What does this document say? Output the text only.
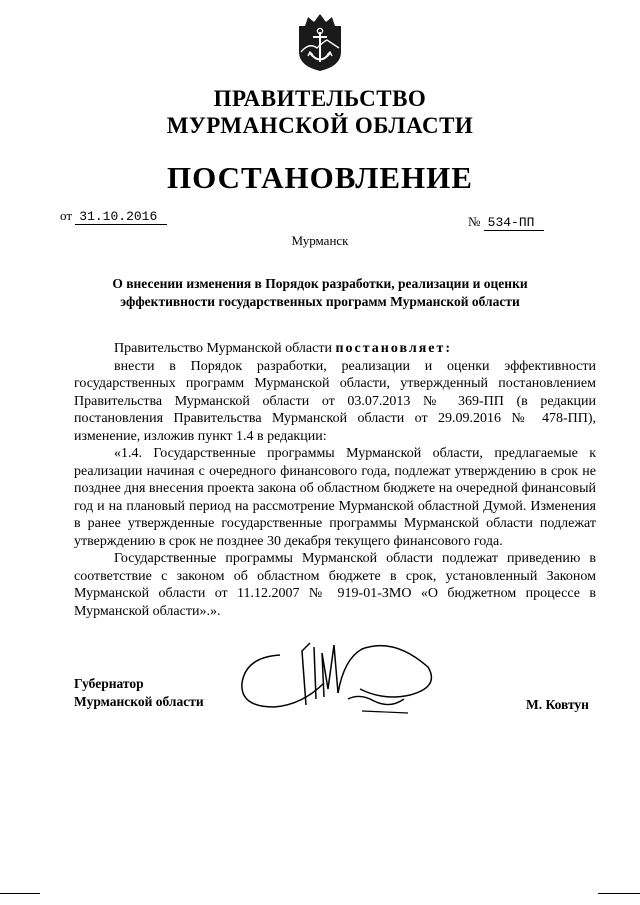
ПРАВИТЕЛЬСТВО
МУРМАНСКОЙ ОБЛАСТИ
ПОСТАНОВЛЕНИЕ
от 31.10.2016	№ 534-ПП
Мурманск
О внесении изменения в Порядок разработки, реализации и оценки
эффективности государственных программ Мурманской области

Правительство Мурманской области постановляет:

внести в Порядок разработки, реализации и оценки эффективности государственных программ Мурманской области, утвержденный постановлением Правительства Мурманской области от 03.07.2013 № 369-ПП (в редакции постановления Правительства Мурманской области от 29.09.2016 № 478-ПП), изменение, изложив пункт 1.4 в редакции:

«1.4. Государственные программы Мурманской области, предлагаемые к реализации начиная с очередного финансового года, подлежат утверждению в срок не позднее дня внесения проекта закона об областном бюджете на очередной финансовый год и на плановый период на рассмотрение Мурманской областной Думой. Изменения в ранее утвержденные государственные программы Мурманской области подлежат утверждению в срок не позднее 30 декабря текущего финансового года.

Государственные программы Мурманской области подлежат приведению в соответствие с законом об областном бюджете в срок, установленный Законом Мурманской области от 11.12.2007 № 919-01-ЗМО «О бюджетном процессе в Мурманской области».».

Губернатор
Мурманской области	М. Ковтун
